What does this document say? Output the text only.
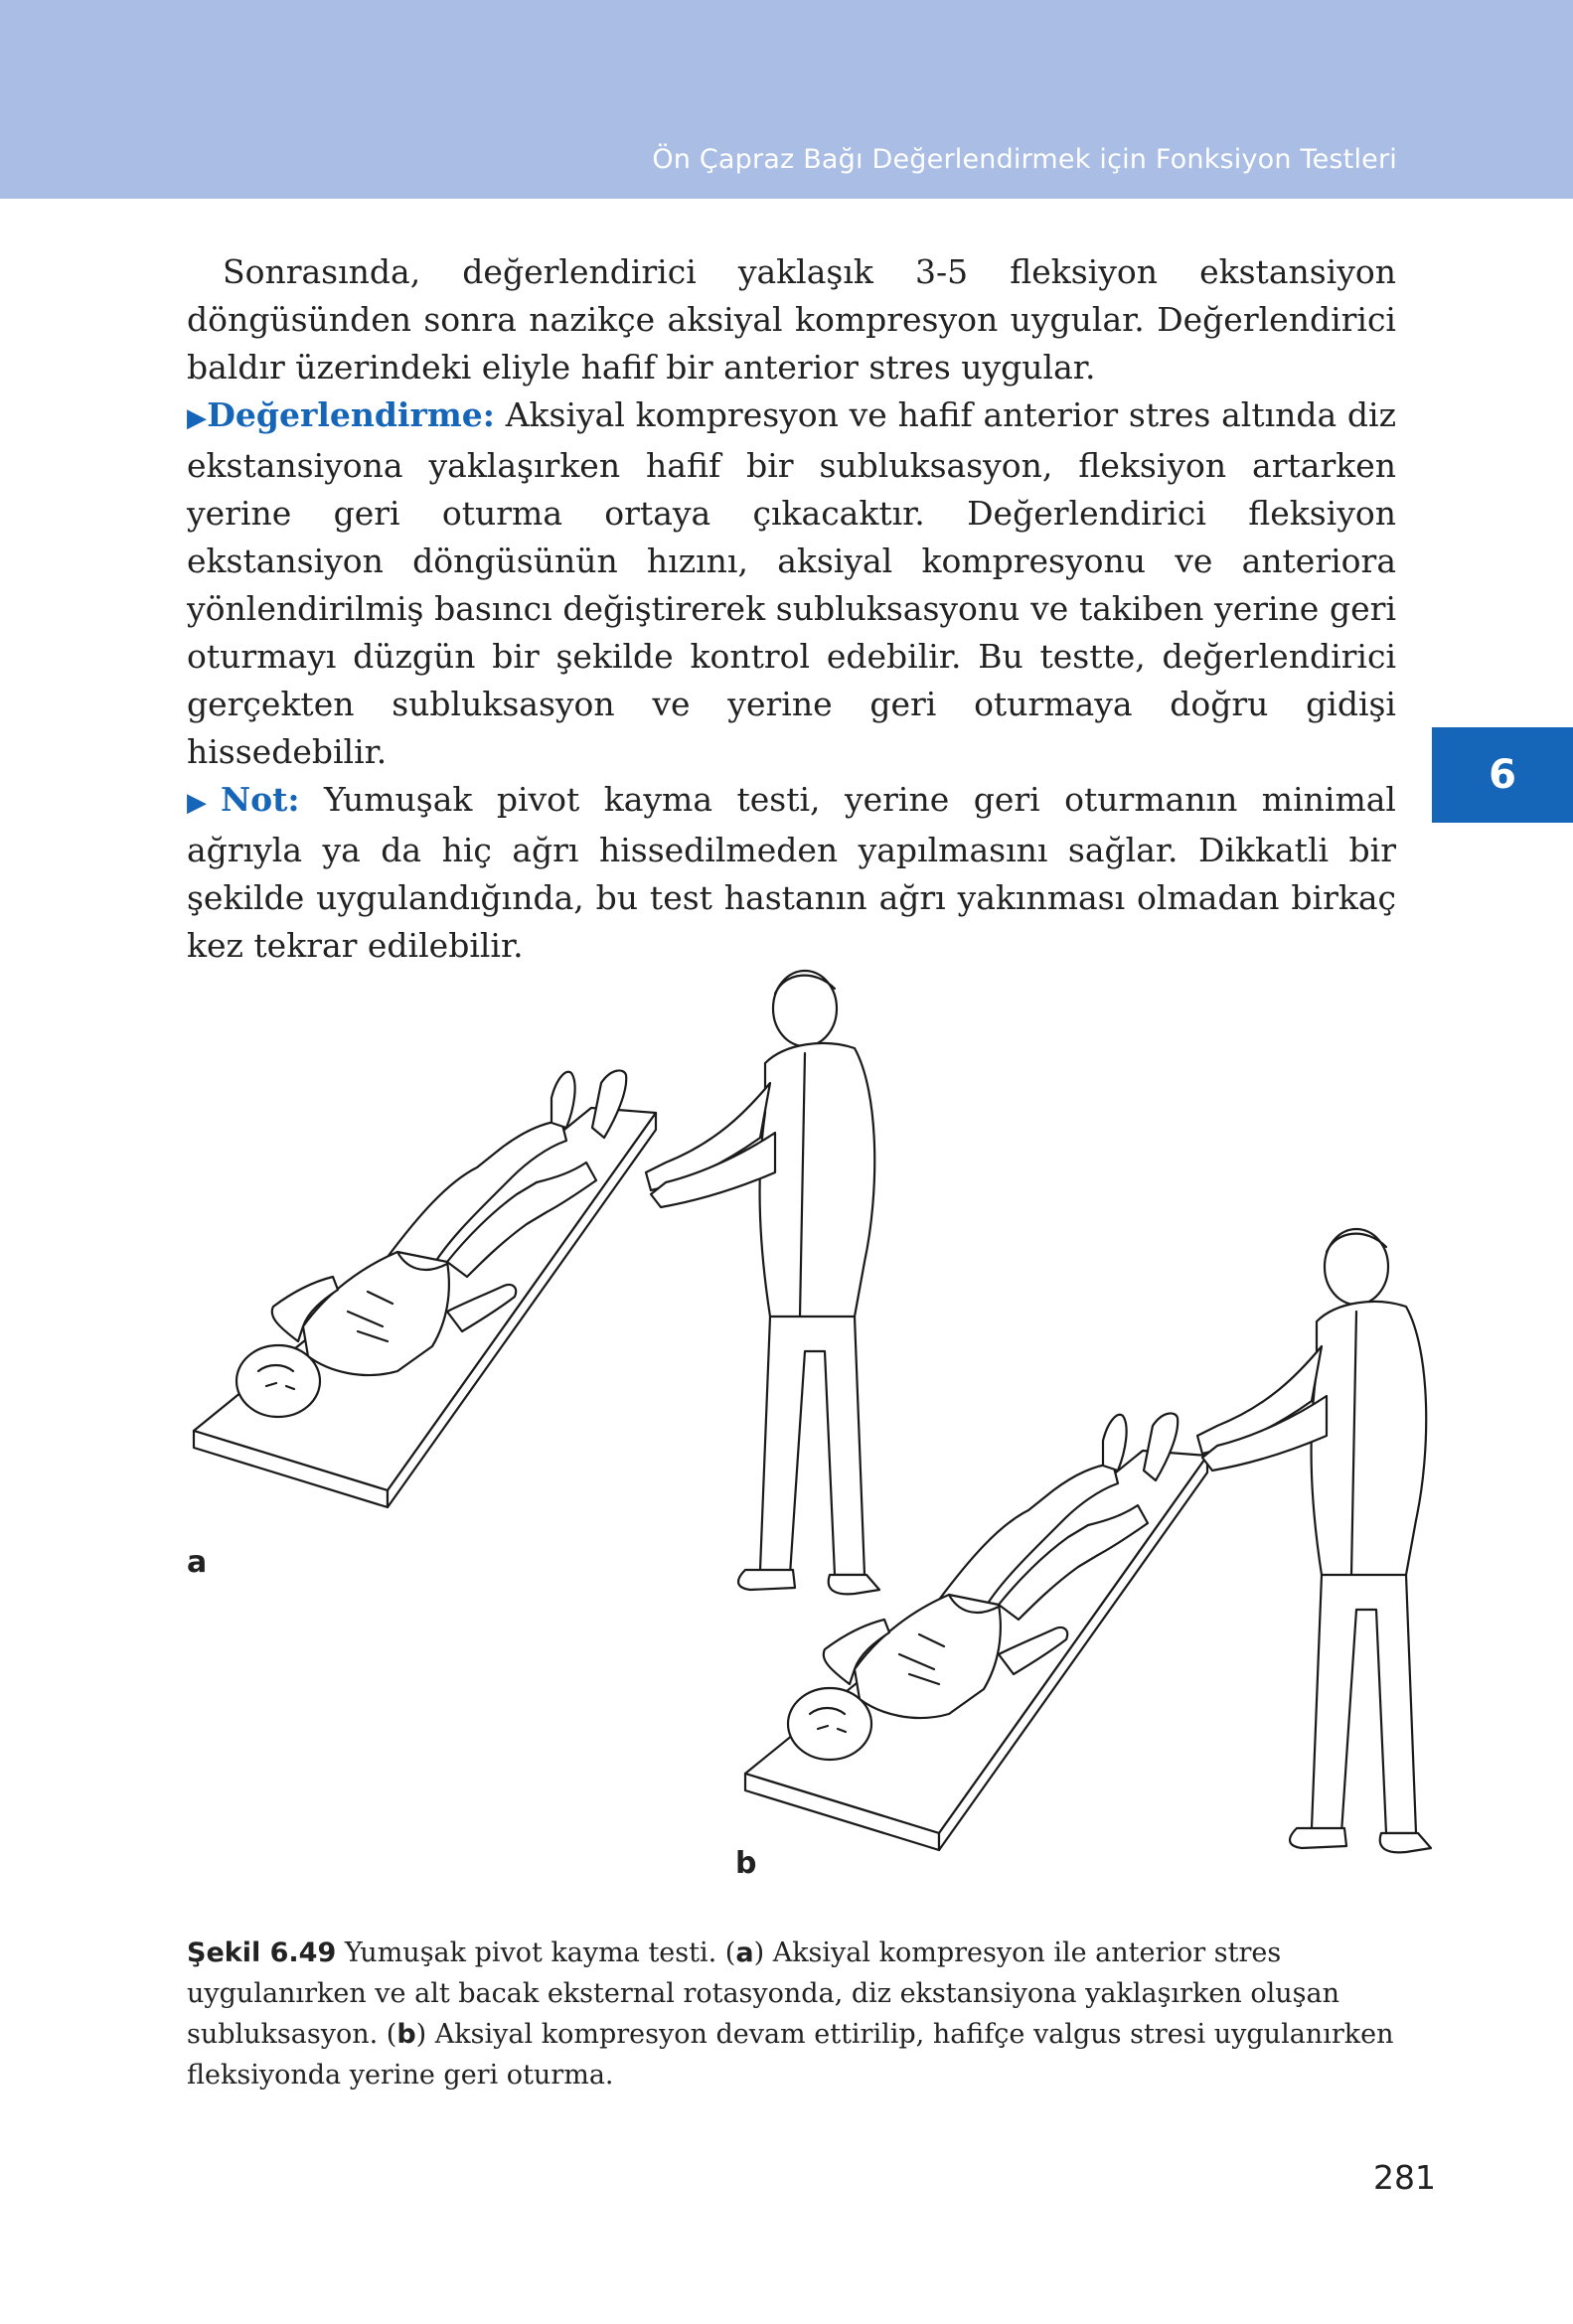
Ön Çapraz Bağı Değerlendirmek için Fonksiyon Testleri
6

Sonrasında, değerlendirici yaklaşık 3-5 fleksiyon ekstansiyon döngüsünden sonra nazikçe aksiyal kompresyon uygular. Değerlendirici baldır üzerindeki eliyle hafif bir anterior stres uygular.

▶Değerlendirme: Aksiyal kompresyon ve hafif anterior stres altında diz ekstansiyona yaklaşırken hafif bir subluksasyon, fleksiyon artarken yerine geri oturma ortaya çıkacaktır. Değerlendirici fleksiyon ekstansiyon döngüsünün hızını, aksiyal kompresyonu ve anteriora yönlendirilmiş basıncı değiştirerek subluksasyonu ve takiben yerine geri oturmayı düzgün bir şekilde kontrol edebilir. Bu testte, değerlendirici gerçekten subluksasyon ve yerine geri oturmaya doğru gidişi hissedebilir.

▶Not: Yumuşak pivot kayma testi, yerine geri oturmanın minimal ağrıyla ya da hiç ağrı hissedilmeden yapılmasını sağlar. Dikkatli bir şekilde uygulandığında, bu test hastanın ağrı yakınması olmadan birkaç kez tekrar edilebilir.

a
b
Şekil 6.49 Yumuşak pivot kayma testi. (a) Aksiyal kompresyon ile anterior stres uygulanırken ve alt bacak eksternal rotasyonda, diz ekstansiyona yaklaşırken oluşan subluksasyon. (b) Aksiyal kompresyon devam ettirilip, hafifçe valgus stresi uygulanırken fleksiyonda yerine geri oturma.
281
